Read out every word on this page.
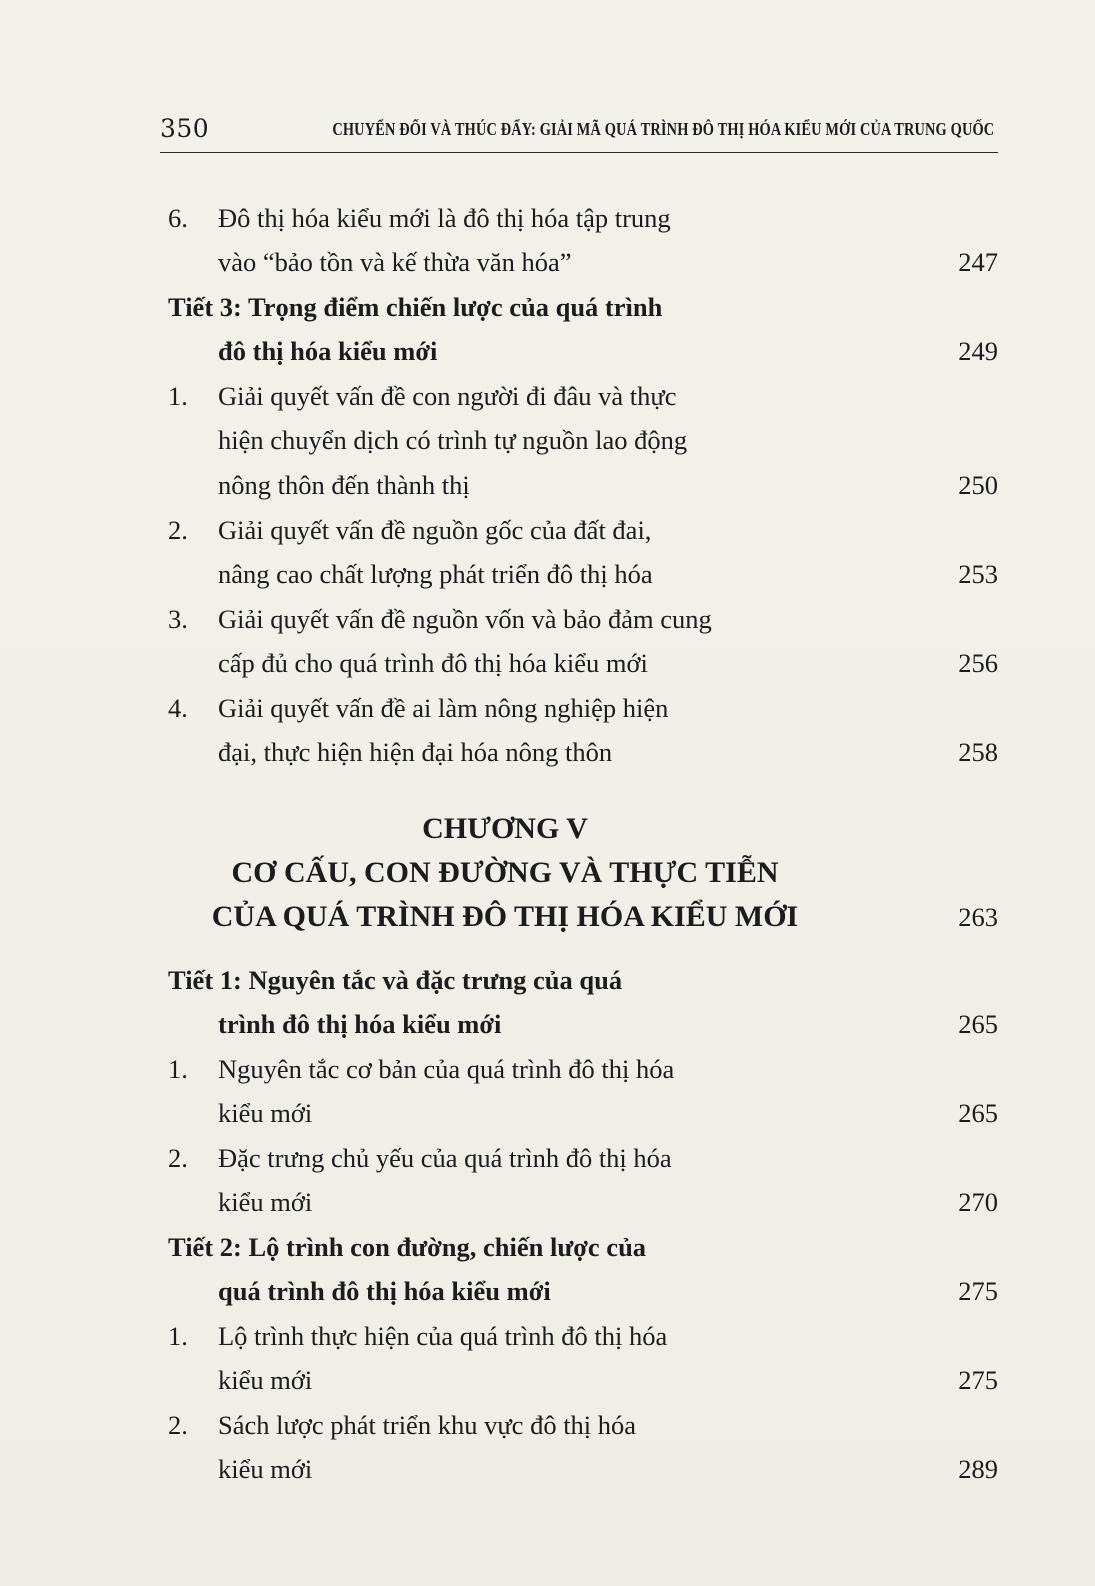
350	CHUYỂN ĐỔI VÀ THÚC ĐẨY: GIẢI MÃ QUÁ TRÌNH ĐÔ THỊ HÓA KIỂU MỚI CỦA TRUNG QUỐC
6. Đô thị hóa kiểu mới là đô thị hóa tập trung
vào “bảo tồn và kế thừa văn hóa”	247
Tiết 3: Trọng điểm chiến lược của quá trình
đô thị hóa kiểu mới	249
1. Giải quyết vấn đề con người đi đâu và thực
hiện chuyển dịch có trình tự nguồn lao động
nông thôn đến thành thị	250
2. Giải quyết vấn đề nguồn gốc của đất đai,
nâng cao chất lượng phát triển đô thị hóa	253
3. Giải quyết vấn đề nguồn vốn và bảo đảm cung
cấp đủ cho quá trình đô thị hóa kiểu mới	256
4. Giải quyết vấn đề ai làm nông nghiệp hiện
đại, thực hiện hiện đại hóa nông thôn	258
CHƯƠNG V
CƠ CẤU, CON ĐƯỜNG VÀ THỰC TIỄN
CỦA QUÁ TRÌNH ĐÔ THỊ HÓA KIỂU MỚI	263
Tiết 1: Nguyên tắc và đặc trưng của quá
trình đô thị hóa kiểu mới	265
1. Nguyên tắc cơ bản của quá trình đô thị hóa
kiểu mới	265
2. Đặc trưng chủ yếu của quá trình đô thị hóa
kiểu mới	270
Tiết 2: Lộ trình con đường, chiến lược của
quá trình đô thị hóa kiểu mới	275
1. Lộ trình thực hiện của quá trình đô thị hóa
kiểu mới	275
2. Sách lược phát triển khu vực đô thị hóa
kiểu mới	289
